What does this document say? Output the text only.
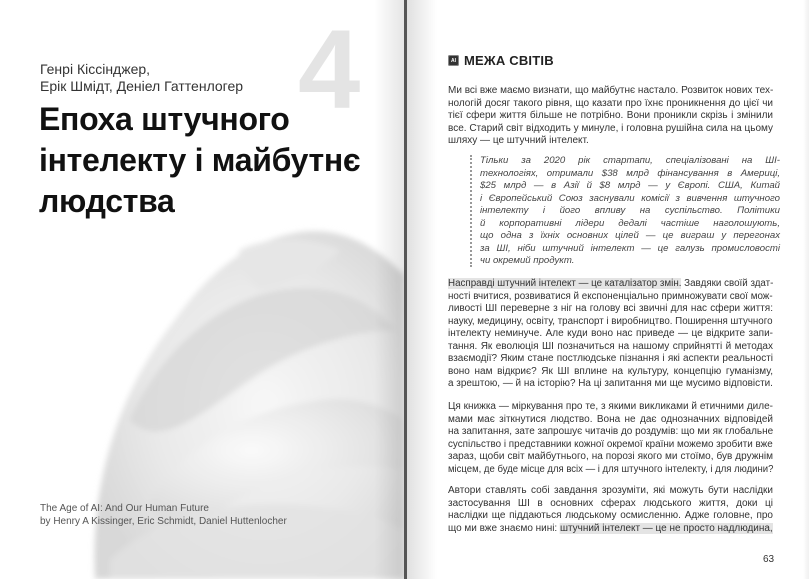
4
Генрі Кіссінджер,
Ерік Шмідт, Деніел Гаттенлогер
Епоха штучного
інтелекту і майбутнє
людства
The Age of AI: And Our Human Future
by Henry A Kissinger, Eric Schmidt, Daniel Huttenlocher
AI МЕЖА СВІТІВ
Ми всі вже маємо визнати, що майбутнє настало. Розвиток нових тех-
нологій досяг такого рівня, що казати про їхнє проникнення до цієї чи
тієї сфери життя більше не потрібно. Вони проникли скрізь і змінили
все. Старий світ відходить у минуле, і головна рушійна сила на цьому
шляху — це штучний інтелект.
Тільки за 2020 рік стартапи, спеціалізовані на ШІ-
технологіях, отримали $38 млрд фінансування в Америці,
$25 млрд — в Азії й $8 млрд — у Європі. США, Китай
і Європейський Союз заснували комісії з вивчення штучного
інтелекту і його впливу на суспільство. Політики
й корпоративні лідери дедалі частіше наголошують,
що одна з їхніх основних цілей — це виграш у перегонах
за ШІ, ніби штучний інтелект — це галузь промисловості
чи окремий продукт.
Насправді штучний інтелект — це каталізатор змін. Завдяки своїй здат-
ності вчитися, розвиватися й експоненціально примножувати свої мож-
ливості ШІ переверне з ніг на голову всі звичні для нас сфери життя:
науку, медицину, освіту, транспорт і виробництво. Поширення штучного
інтелекту неминуче. Але куди воно нас приведе — це відкрите запи-
тання. Як еволюція ШІ позначиться на нашому сприйнятті й методах
взаємодії? Яким стане постлюдське пізнання і які аспекти реальності
воно нам відкриє? Як ШІ вплине на культуру, концепцію гуманізму,
а зрештою, — й на історію? На ці запитання ми ще мусимо відповісти.
Ця книжка — міркування про те, з якими викликами й етичними диле-
мами має зіткнутися людство. Вона не дає однозначних відповідей
на запитання, зате запрошує читачів до роздумів: що ми як глобальне
суспільство і представники кожної окремої країни можемо зробити вже
зараз, щоби світ майбутнього, на порозі якого ми стоїмо, був дружнім
місцем, де буде місце для всіх — і для штучного інтелекту, і для людини?
Автори ставлять собі завдання зрозуміти, які можуть бути наслідки
застосування ШІ в основних сферах людського життя, доки ці
наслідки ще піддаються людському осмисленню. Адже головне, про
що ми вже знаємо нині: штучний інтелект — це не просто надлюдина,
63
